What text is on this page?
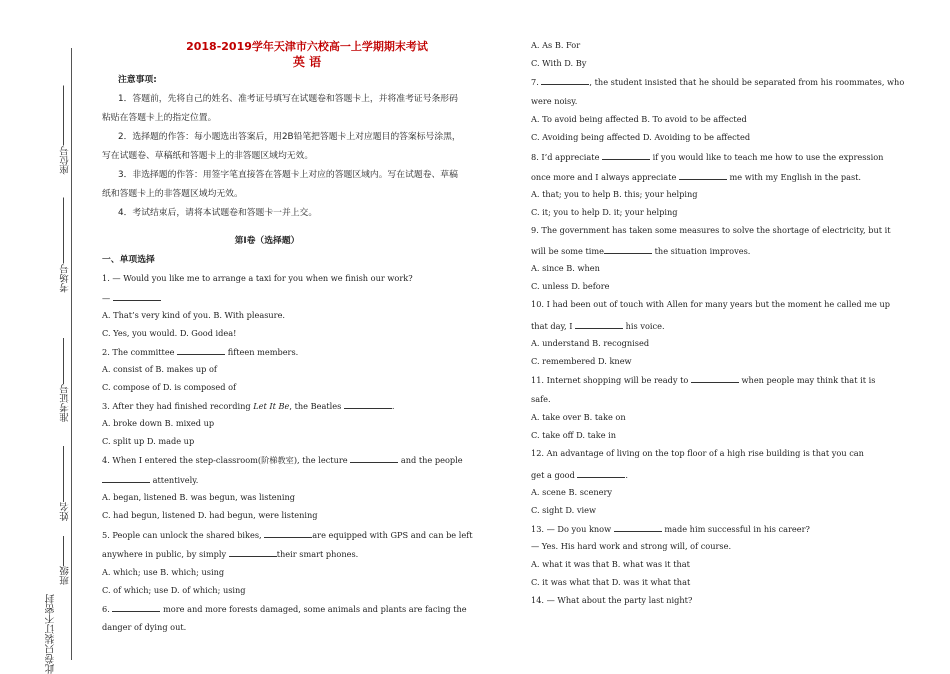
座位号
考场号
准考证号
姓名
班级
此卷只装订不密封
2018-2019学年天津市六校高一上学期期末考试
英 语
注意事项:
1．答题前，先将自己的姓名、准考证号填写在试题卷和答题卡上，并将准考证号条形码
粘贴在答题卡上的指定位置。
2．选择题的作答：每小题选出答案后，用2B铅笔把答题卡上对应题目的答案标号涂黑，
写在试题卷、草稿纸和答题卡上的非答题区域均无效。
3．非选择题的作答：用签字笔直接答在答题卡上对应的答题区域内。写在试题卷、草稿
纸和答题卡上的非答题区域均无效。
4．考试结束后，请将本试题卷和答题卡一并上交。
第Ⅰ卷（选择题）
一、单项选择
1. — Would you like me to arrange a taxi for you when we finish our work?
—
A. That’s very kind of you. B. With pleasure.
C. Yes, you would. D. Good idea!
2. The committee	fifteen members.
A. consist of B. makes up of
C. compose of D. is composed of
3. After they had finished recording Let It Be, the Beatles	.
A. broke down B. mixed up
C. split up D. made up
4. When I entered the step-classroom(阶梯教室), the lecture	and the people
attentively.
A. began, listened B. was begun, was listening
C. had begun, listened D. had begun, were listening
5. People can unlock the shared bikes,	are equipped with GPS and can be left
anywhere in public, by simply	their smart phones.
A. which; use B. which; using
C. of which; use D. of which; using
6.	more and more forests damaged, some animals and plants are facing the
danger of dying out.
A. As B. For
C. With D. By
7.	, the student insisted that he should be separated from his roommates, who
were noisy.
A. To avoid being affected B. To avoid to be affected
C. Avoiding being affected D. Avoiding to be affected
8. I’d appreciate	if you would like to teach me how to use the expression
once more and I always appreciate	me with my English in the past.
A. that; you to help B. this; your helping
C. it; you to help D. it; your helping
9. The government has taken some measures to solve the shortage of electricity, but it
will be some time	the situation improves.
A. since B. when
C. unless D. before
10. I had been out of touch with Allen for many years but the moment he called me up
that day, I	his voice.
A. understand B. recognised
C. remembered D. knew
11. Internet shopping will be ready to	when people may think that it is
safe.
A. take over B. take on
C. take off D. take in
12. An advantage of living on the top floor of a high rise building is that you can
get a good	.
A. scene B. scenery
C. sight D. view
13. — Do you know	made him successful in his career?
— Yes. His hard work and strong will, of course.
A. what it was that B. what was it that
C. it was what that D. was it what that
14. — What about the party last night?
